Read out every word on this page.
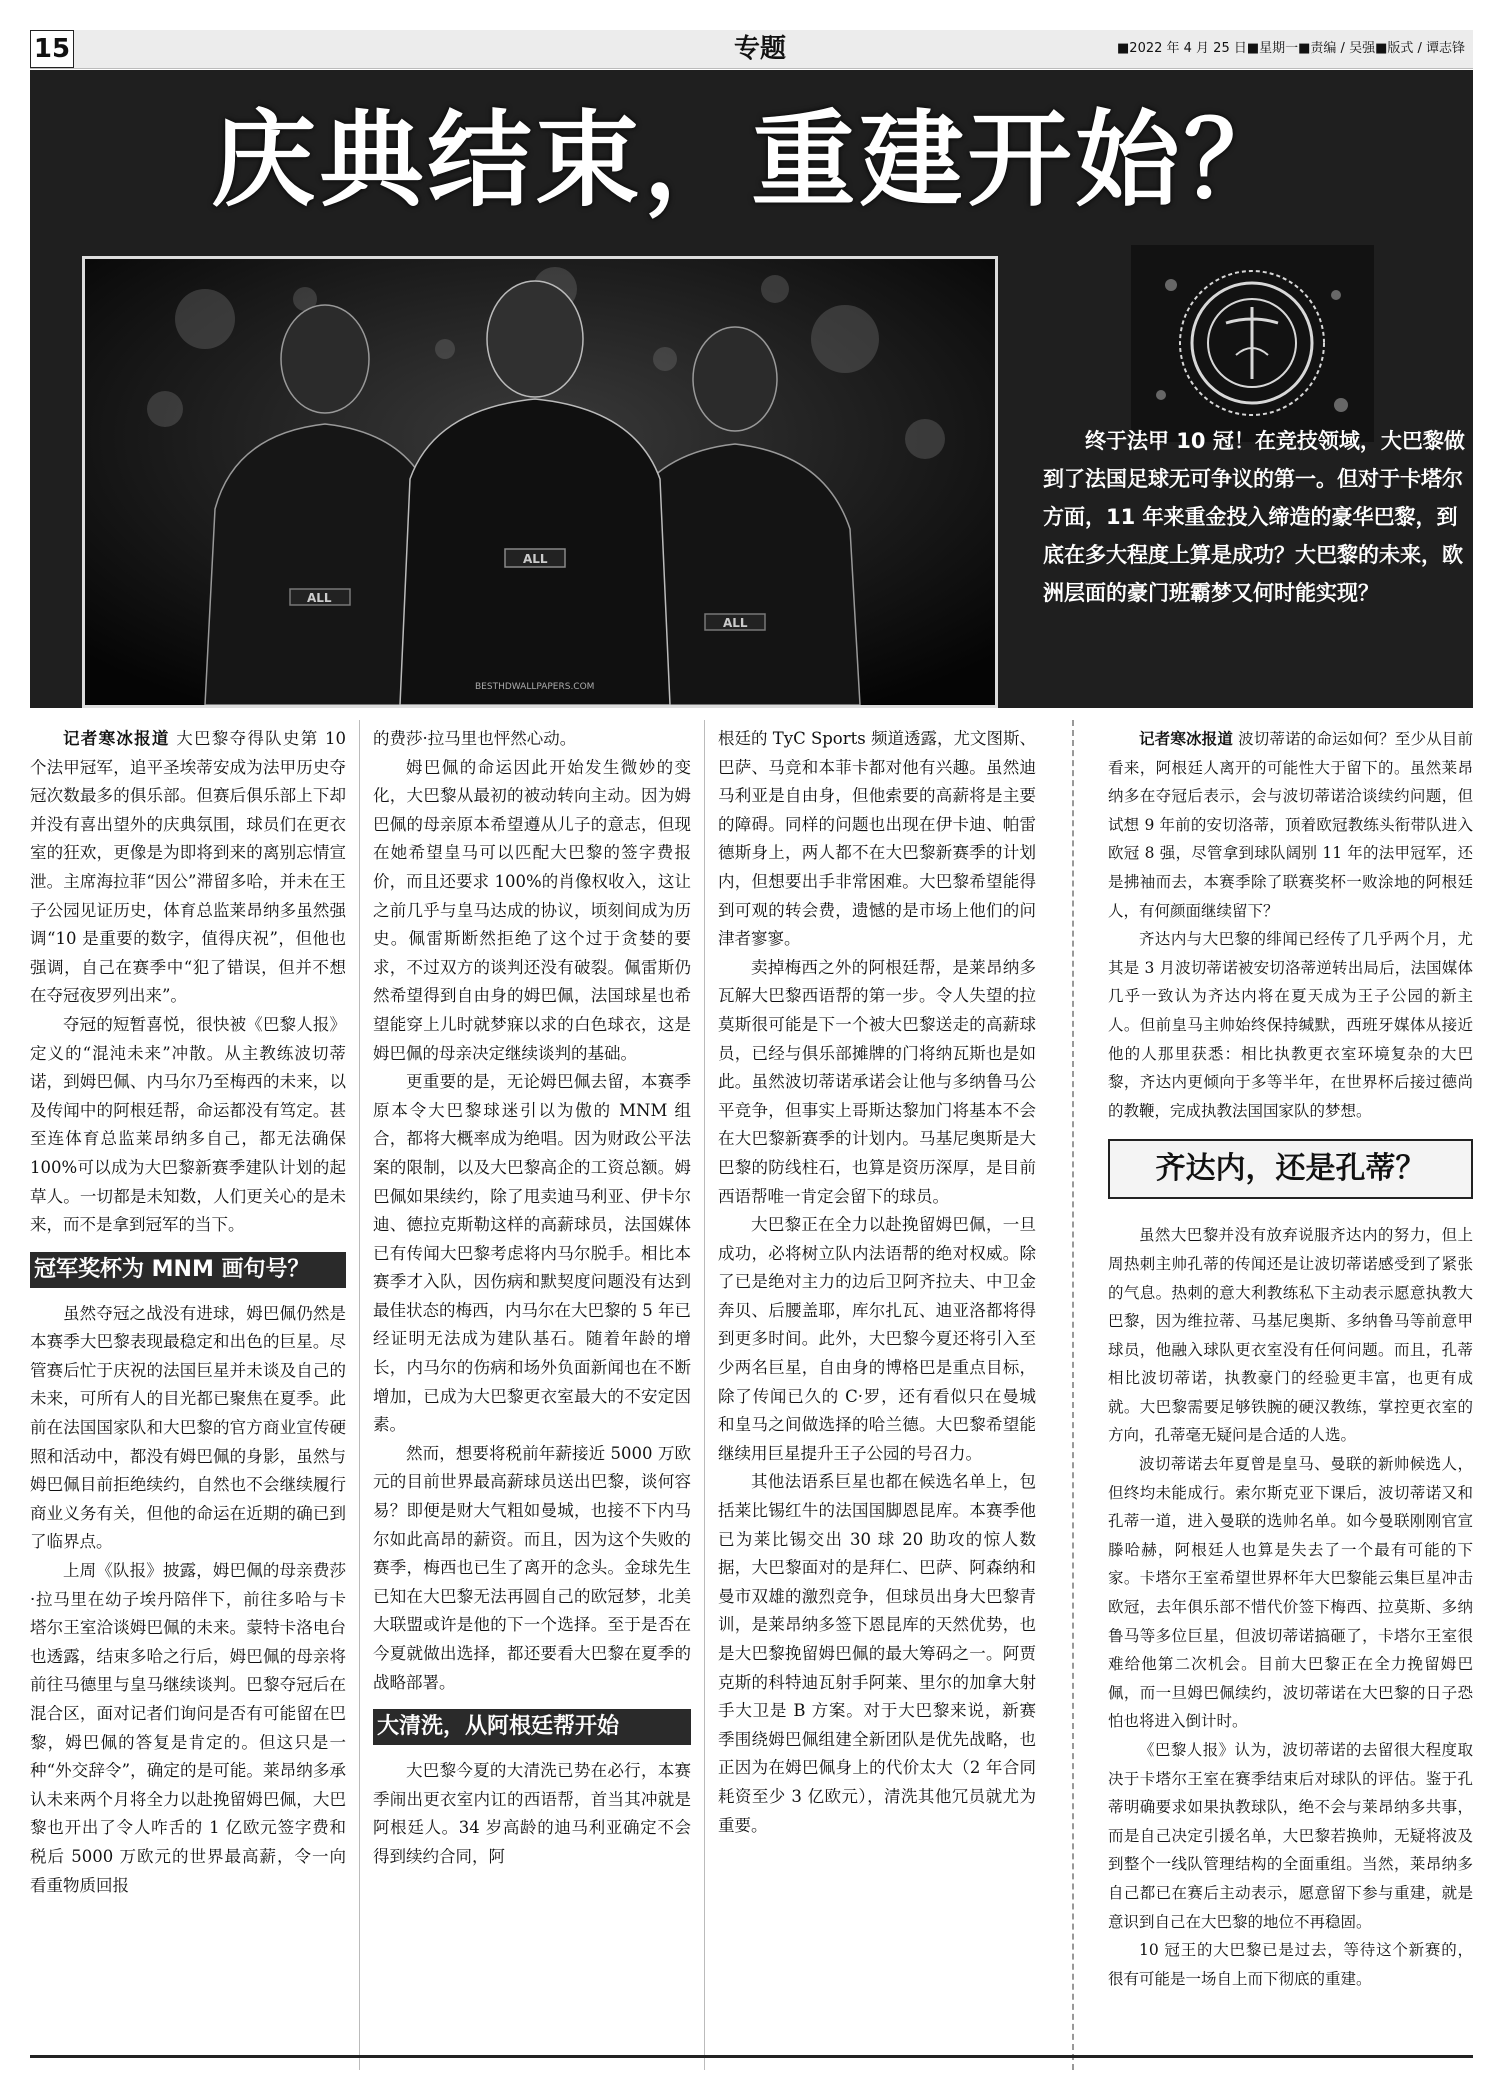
15	专题	■2022 年 4 月 25 日■星期一■责编 / 吴强■版式 / 谭志锋
庆典结束，重建开始？
ALL
ALL
ALL
BESTHDWALLPAPERS.COM
终于法甲 10 冠！在竞技领域，大巴黎做到了法国足球无可争议的第一。但对于卡塔尔方面，11 年来重金投入缔造的豪华巴黎，到底在多大程度上算是成功？大巴黎的未来，欧洲层面的豪门班霸梦又何时能实现？

记者寒冰报道 大巴黎夺得队史第 10 个法甲冠军，追平圣埃蒂安成为法甲历史夺冠次数最多的俱乐部。但赛后俱乐部上下却并没有喜出望外的庆典氛围，球员们在更衣室的狂欢，更像是为即将到来的离别忘情宣泄。主席海拉菲“因公”滞留多哈，并未在王子公园见证历史，体育总监莱昂纳多虽然强调“10 是重要的数字，值得庆祝”，但他也强调，自己在赛季中“犯了错误，但并不想在夺冠夜罗列出来”。

夺冠的短暂喜悦，很快被《巴黎人报》定义的“混沌未来”冲散。从主教练波切蒂诺，到姆巴佩、内马尔乃至梅西的未来，以及传闻中的阿根廷帮，命运都没有笃定。甚至连体育总监莱昂纳多自己，都无法确保 100%可以成为大巴黎新赛季建队计划的起草人。一切都是未知数，人们更关心的是未来，而不是拿到冠军的当下。

冠军奖杯为 MNM 画句号？

虽然夺冠之战没有进球，姆巴佩仍然是本赛季大巴黎表现最稳定和出色的巨星。尽管赛后忙于庆祝的法国巨星并未谈及自己的未来，可所有人的目光都已聚焦在夏季。此前在法国国家队和大巴黎的官方商业宣传硬照和活动中，都没有姆巴佩的身影，虽然与姆巴佩目前拒绝续约，自然也不会继续履行商业义务有关，但他的命运在近期的确已到了临界点。

上周《队报》披露，姆巴佩的母亲费莎·拉马里在幼子埃丹陪伴下，前往多哈与卡塔尔王室洽谈姆巴佩的未来。蒙特卡洛电台也透露，结束多哈之行后，姆巴佩的母亲将前往马德里与皇马继续谈判。巴黎夺冠后在混合区，面对记者们询问是否有可能留在巴黎，姆巴佩的答复是肯定的。但这只是一种“外交辞令”，确定的是可能。莱昂纳多承认未来两个月将全力以赴挽留姆巴佩，大巴黎也开出了令人咋舌的 1 亿欧元签字费和税后 5000 万欧元的世界最高薪，令一向看重物质回报

的费莎·拉马里也怦然心动。

姆巴佩的命运因此开始发生微妙的变化，大巴黎从最初的被动转向主动。因为姆巴佩的母亲原本希望遵从儿子的意志，但现在她希望皇马可以匹配大巴黎的签字费报价，而且还要求 100%的肖像权收入，这让之前几乎与皇马达成的协议，顷刻间成为历史。佩雷斯断然拒绝了这个过于贪婪的要求，不过双方的谈判还没有破裂。佩雷斯仍然希望得到自由身的姆巴佩，法国球星也希望能穿上儿时就梦寐以求的白色球衣，这是姆巴佩的母亲决定继续谈判的基础。

更重要的是，无论姆巴佩去留，本赛季原本令大巴黎球迷引以为傲的 MNM 组合，都将大概率成为绝唱。因为财政公平法案的限制，以及大巴黎高企的工资总额。姆巴佩如果续约，除了甩卖迪马利亚、伊卡尔迪、德拉克斯勒这样的高薪球员，法国媒体已有传闻大巴黎考虑将内马尔脱手。相比本赛季才入队，因伤病和默契度问题没有达到最佳状态的梅西，内马尔在大巴黎的 5 年已经证明无法成为建队基石。随着年龄的增长，内马尔的伤病和场外负面新闻也在不断增加，已成为大巴黎更衣室最大的不安定因素。

然而，想要将税前年薪接近 5000 万欧元的目前世界最高薪球员送出巴黎，谈何容易？即便是财大气粗如曼城，也接不下内马尔如此高昂的薪资。而且，因为这个失败的赛季，梅西也已生了离开的念头。金球先生已知在大巴黎无法再圆自己的欧冠梦，北美大联盟或许是他的下一个选择。至于是否在今夏就做出选择，都还要看大巴黎在夏季的战略部署。

大清洗，从阿根廷帮开始

大巴黎今夏的大清洗已势在必行，本赛季闹出更衣室内讧的西语帮，首当其冲就是阿根廷人。34 岁高龄的迪马利亚确定不会得到续约合同，阿

根廷的 TyC Sports 频道透露，尤文图斯、巴萨、马竞和本菲卡都对他有兴趣。虽然迪马利亚是自由身，但他索要的高薪将是主要的障碍。同样的问题也出现在伊卡迪、帕雷德斯身上，两人都不在大巴黎新赛季的计划内，但想要出手非常困难。大巴黎希望能得到可观的转会费，遗憾的是市场上他们的问津者寥寥。

卖掉梅西之外的阿根廷帮，是莱昂纳多瓦解大巴黎西语帮的第一步。令人失望的拉莫斯很可能是下一个被大巴黎送走的高薪球员，已经与俱乐部摊牌的门将纳瓦斯也是如此。虽然波切蒂诺承诺会让他与多纳鲁马公平竞争，但事实上哥斯达黎加门将基本不会在大巴黎新赛季的计划内。马基尼奥斯是大巴黎的防线柱石，也算是资历深厚，是目前西语帮唯一肯定会留下的球员。

大巴黎正在全力以赴挽留姆巴佩，一旦成功，必将树立队内法语帮的绝对权威。除了已是绝对主力的边后卫阿齐拉夫、中卫金奔贝、后腰盖耶，库尔扎瓦、迪亚洛都将得到更多时间。此外，大巴黎今夏还将引入至少两名巨星，自由身的博格巴是重点目标，除了传闻已久的 C·罗，还有看似只在曼城和皇马之间做选择的哈兰德。大巴黎希望能继续用巨星提升王子公园的号召力。

其他法语系巨星也都在候选名单上，包括莱比锡红牛的法国国脚恩昆库。本赛季他已为莱比锡交出 30 球 20 助攻的惊人数据，大巴黎面对的是拜仁、巴萨、阿森纳和曼市双雄的激烈竞争，但球员出身大巴黎青训，是莱昂纳多签下恩昆库的天然优势，也是大巴黎挽留姆巴佩的最大筹码之一。阿贾克斯的科特迪瓦射手阿莱、里尔的加拿大射手大卫是 B 方案。对于大巴黎来说，新赛季围绕姆巴佩组建全新团队是优先战略，也正因为在姆巴佩身上的代价太大（2 年合同耗资至少 3 亿欧元），清洗其他冗员就尤为重要。

记者寒冰报道 波切蒂诺的命运如何？至少从目前看来，阿根廷人离开的可能性大于留下的。虽然莱昂纳多在夺冠后表示，会与波切蒂诺洽谈续约问题，但试想 9 年前的安切洛蒂，顶着欧冠教练头衔带队进入欧冠 8 强，尽管拿到球队阔别 11 年的法甲冠军，还是拂袖而去，本赛季除了联赛奖杯一败涂地的阿根廷人，有何颜面继续留下？

齐达内与大巴黎的绯闻已经传了几乎两个月，尤其是 3 月波切蒂诺被安切洛蒂逆转出局后，法国媒体几乎一致认为齐达内将在夏天成为王子公园的新主人。但前皇马主帅始终保持缄默，西班牙媒体从接近他的人那里获悉：相比执教更衣室环境复杂的大巴黎，齐达内更倾向于多等半年，在世界杯后接过德尚的教鞭，完成执教法国国家队的梦想。

齐达内，还是孔蒂？

虽然大巴黎并没有放弃说服齐达内的努力，但上周热刺主帅孔蒂的传闻还是让波切蒂诺感受到了紧张的气息。热刺的意大利教练私下主动表示愿意执教大巴黎，因为维拉蒂、马基尼奥斯、多纳鲁马等前意甲球员，他融入球队更衣室没有任何问题。而且，孔蒂相比波切蒂诺，执教豪门的经验更丰富，也更有成就。大巴黎需要足够铁腕的硬汉教练，掌控更衣室的方向，孔蒂毫无疑问是合适的人选。

波切蒂诺去年夏曾是皇马、曼联的新帅候选人，但终均未能成行。索尔斯克亚下课后，波切蒂诺又和孔蒂一道，进入曼联的选帅名单。如今曼联刚刚官宣滕哈赫，阿根廷人也算是失去了一个最有可能的下家。卡塔尔王室希望世界杯年大巴黎能云集巨星冲击欧冠，去年俱乐部不惜代价签下梅西、拉莫斯、多纳鲁马等多位巨星，但波切蒂诺搞砸了，卡塔尔王室很难给他第二次机会。目前大巴黎正在全力挽留姆巴佩，而一旦姆巴佩续约，波切蒂诺在大巴黎的日子恐怕也将进入倒计时。

《巴黎人报》认为，波切蒂诺的去留很大程度取决于卡塔尔王室在赛季结束后对球队的评估。鉴于孔蒂明确要求如果执教球队，绝不会与莱昂纳多共事，而是自己决定引援名单，大巴黎若换帅，无疑将波及到整个一线队管理结构的全面重组。当然，莱昂纳多自己都已在赛后主动表示，愿意留下参与重建，就是意识到自己在大巴黎的地位不再稳固。

10 冠王的大巴黎已是过去，等待这个新赛的，很有可能是一场自上而下彻底的重建。
